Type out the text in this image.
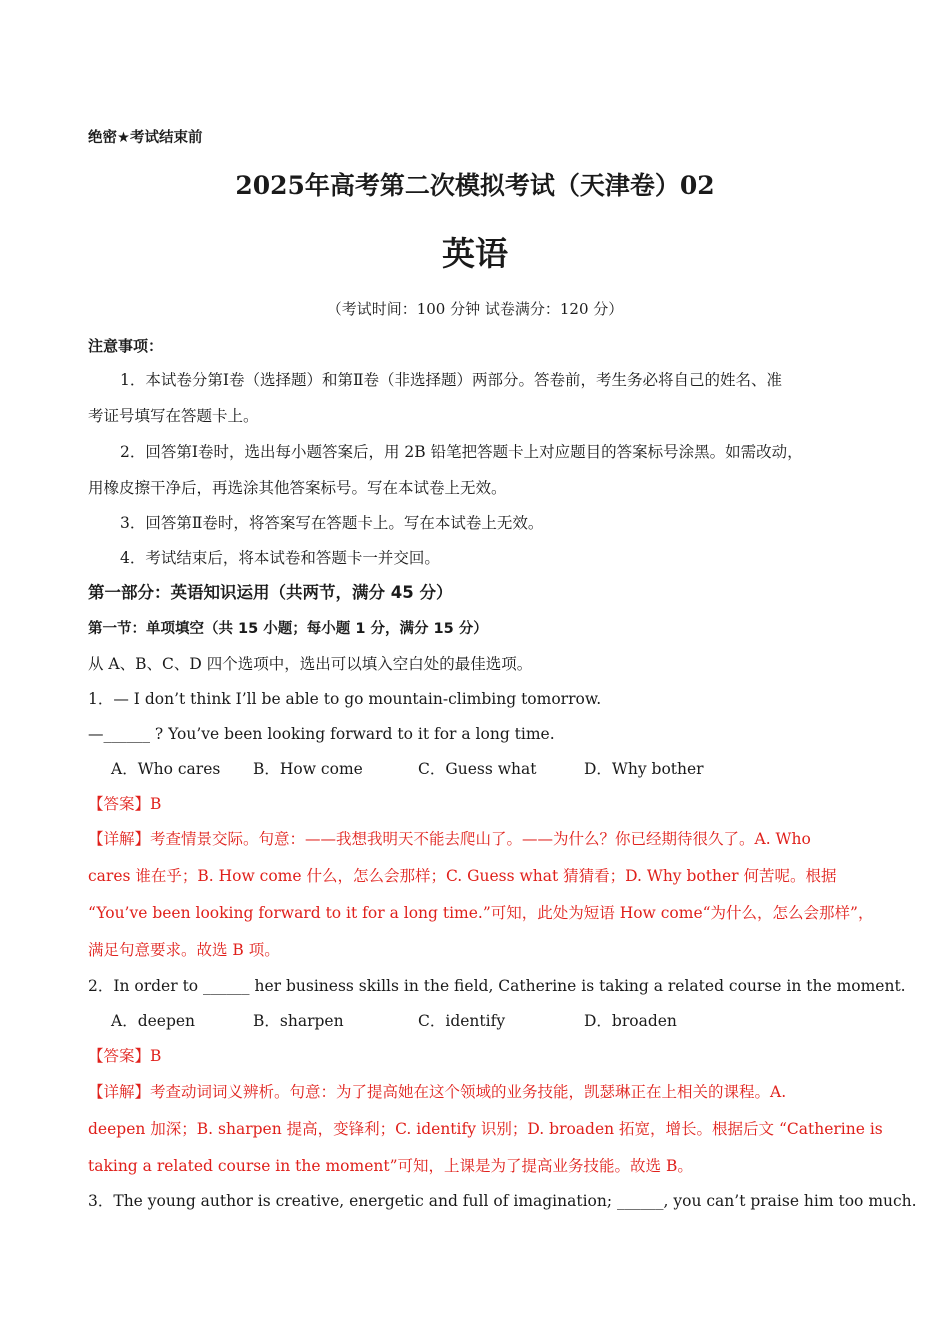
绝密★考试结束前
2025年高考第二次模拟考试（天津卷）02
英语
（考试时间：100 分钟 试卷满分：120 分）
注意事项：
1．本试卷分第Ⅰ卷（选择题）和第Ⅱ卷（非选择题）两部分。答卷前，考生务必将自己的姓名、准
考证号填写在答题卡上。
2．回答第Ⅰ卷时，选出每小题答案后，用 2B 铅笔把答题卡上对应题目的答案标号涂黑。如需改动，
用橡皮擦干净后，再选涂其他答案标号。写在本试卷上无效。
3．回答第Ⅱ卷时，将答案写在答题卡上。写在本试卷上无效。
4．考试结束后，将本试卷和答题卡一并交回。
第一部分：英语知识运用（共两节，满分 45 分）
第一节：单项填空（共 15 小题；每小题 1 分，满分 15 分）
从 A、B、C、D 四个选项中，选出可以填入空白处的最佳选项。
1．— I don’t think I’ll be able to go mountain-climbing tomorrow.
—______ ? You’ve been looking forward to it for a long time.
A．Who cares B．How come	C．Guess what	D．Why bother
【答案】B
【详解】考查情景交际。句意：——我想我明天不能去爬山了。——为什么？你已经期待很久了。A. Who
cares 谁在乎；B. How come 什么，怎么会那样；C. Guess what 猜猜看；D. Why bother 何苦呢。根据
“You’ve been looking forward to it for a long time.”可知，此处为短语 How come“为什么，怎么会那样”，
满足句意要求。故选 B 项。
2．In order to ______ her business skills in the field, Catherine is taking a related course in the moment.
A．deepen	B．sharpen	C．identify	D．broaden
【答案】B
【详解】考查动词词义辨析。句意：为了提高她在这个领域的业务技能，凯瑟琳正在上相关的课程。A.
deepen 加深；B. sharpen 提高，变锋利；C. identify 识别；D. broaden 拓宽，增长。根据后文 “Catherine is
taking a related course in the moment”可知，上课是为了提高业务技能。故选 B。
3．The young author is creative, energetic and full of imagination; ______, you can’t praise him too much.
